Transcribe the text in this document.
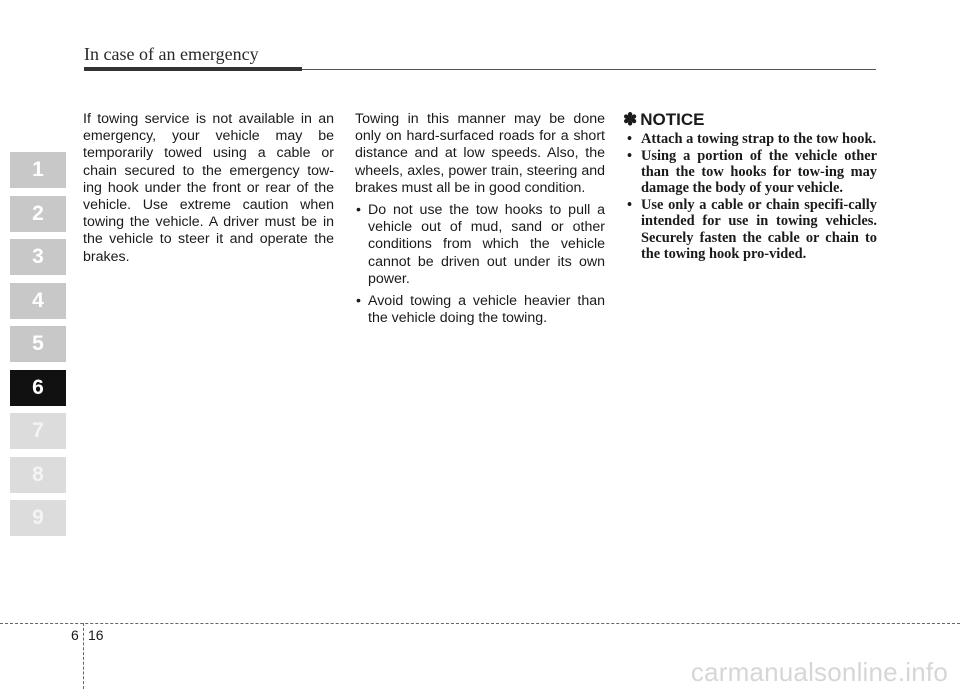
In case of an emergency
1
2
3
4
5
6
7
8
9

If towing service is not available in an emergency, your vehicle may be temporarily towed using a cable or chain secured to the emergency tow-ing hook under the front or rear of the vehicle. Use extreme caution when towing the vehicle. A driver must be in the vehicle to steer it and operate the brakes.

Towing in this manner may be done only on hard-surfaced roads for a short distance and at low speeds. Also, the wheels, axles, power train, steering and brakes must all be in good condition.

• Do not use the tow hooks to pull a vehicle out of mud, sand or other conditions from which the vehicle cannot be driven out under its own power.
• Avoid towing a vehicle heavier than the vehicle doing the towing.
✽ NOTICE
• Attach a towing strap to the tow hook.
• Using a portion of the vehicle other than the tow hooks for tow-ing may damage the body of your vehicle.
• Use only a cable or chain specifi-cally intended for use in towing vehicles. Securely fasten the cable or chain to the towing hook pro-vided.
6 16
carmanualsonline.info
